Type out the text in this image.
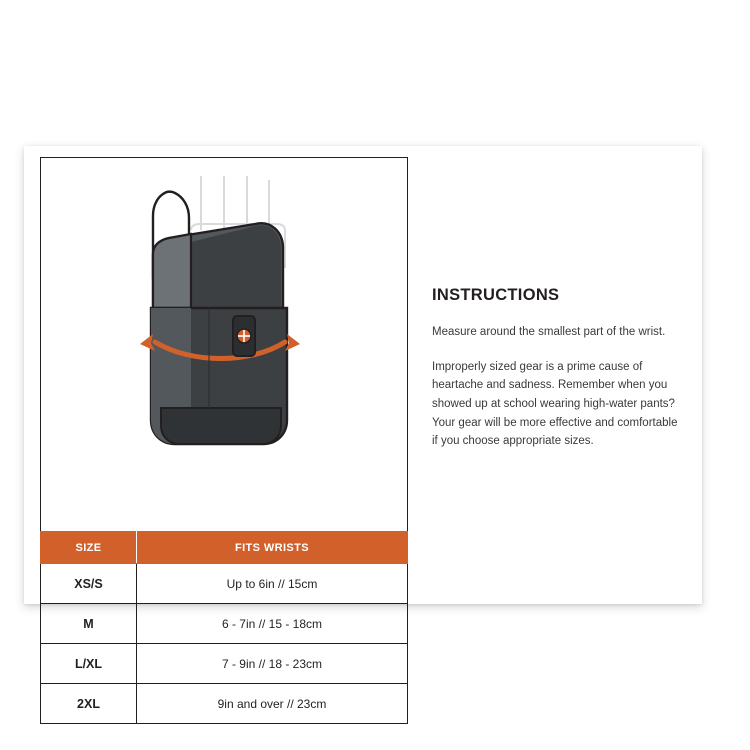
SIZE	FITS WRISTS
XS/S	Up to 6in // 15cm
M	6 - 7in // 15 - 18cm
L/XL	7 - 9in // 18 - 23cm
2XL	9in and over // 23cm
INSTRUCTIONS

Measure around the smallest part of the wrist.

Improperly sized gear is a prime cause of heartache and sadness. Remember when you showed up at school wearing high-water pants? Your gear will be more effective and comfortable if you choose appropriate sizes.
